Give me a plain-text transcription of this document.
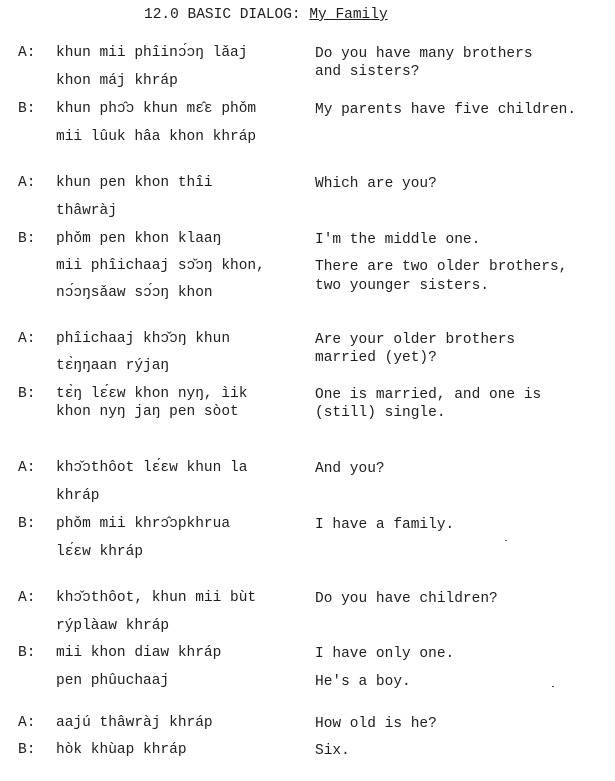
12.0 BASIC DIALOG: My Family
A: khun mii phîinɔ́ɔŋ lǎaj	Do you have many brothers
and sisters?
khon máj khráp
B: khun phɔ̂ɔ khun mɛ̂ɛ phǒm	My parents have five children.
mii lûuk hâa khon khráp
A: khun pen khon thîi	Which are you?
thâwràj
B: phǒm pen khon klaaŋ	I'm the middle one.
mii phîichaaj sɔ̌ɔŋ khon,	There are two older brothers,
two younger sisters.
nɔ́ɔŋsǎaw sɔ́ɔŋ khon
A: phîichaaj khɔ̌ɔŋ khun	Are your older brothers
married (yet)?
tɛ̀ŋŋaan rýjaŋ
B: tɛ̀ŋ lɛ́ɛw khon nyŋ, ìik	One is married, and one is
khon nyŋ jaŋ pen sòot	(still) single.
A: khɔ̌ɔthôot lɛ́ɛw khun la	And you?
khráp
B: phǒm mii khrɔ̂ɔpkhrua	I have a family.
lɛ́ɛw khráp
A: khɔ̌ɔthôot, khun mii bùt	Do you have children?
rýplàaw khráp
B: mii khon diaw khráp	I have only one.
pen phûuchaaj	He's a boy.
A: aajú thâwràj khráp	How old is he?
B: hòk khùap khráp	Six.
